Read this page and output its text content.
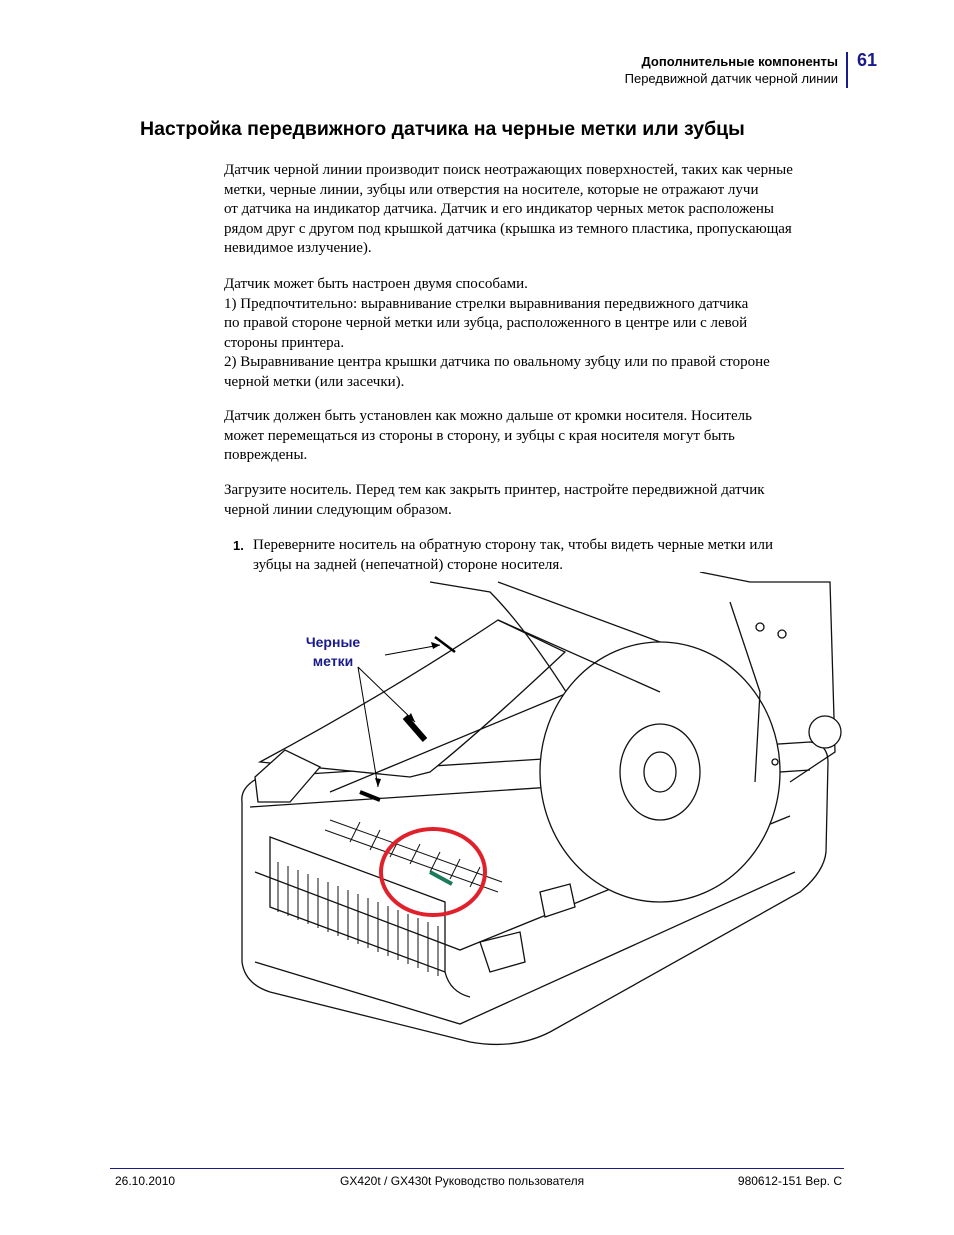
Дополнительные компоненты
Передвижной датчик черной линии
61
Настройка передвижного датчика на черные метки или зубцы
Датчик черной линии производит поиск неотражающих поверхностей, таких как черные
метки, черные линии, зубцы или отверстия на носителе, которые не отражают лучи
от датчика на индикатор датчика. Датчик и его индикатор черных меток расположены
рядом друг с другом под крышкой датчика (крышка из темного пластика, пропускающая
невидимое излучение).
Датчик может быть настроен двумя способами.
1) Предпочтительно: выравнивание стрелки выравнивания передвижного датчика
по правой стороне черной метки или зубца, расположенного в центре или с левой
стороны принтера.
2) Выравнивание центра крышки датчика по овальному зубцу или по правой стороне
черной метки (или засечки).
Датчик должен быть установлен как можно дальше от кромки носителя. Носитель
может перемещаться из стороны в сторону, и зубцы с края носителя могут быть
повреждены.
Загрузите носитель. Перед тем как закрыть принтер, настройте передвижной датчик
черной линии следующим образом.
1. Переверните носитель на обратную сторону так, чтобы видеть черные метки или
зубцы на задней (непечатной) стороне носителя.
Черные
метки
26.10.2010	GX420t / GX430t Руководство пользователя	980612-151 Вер. C
